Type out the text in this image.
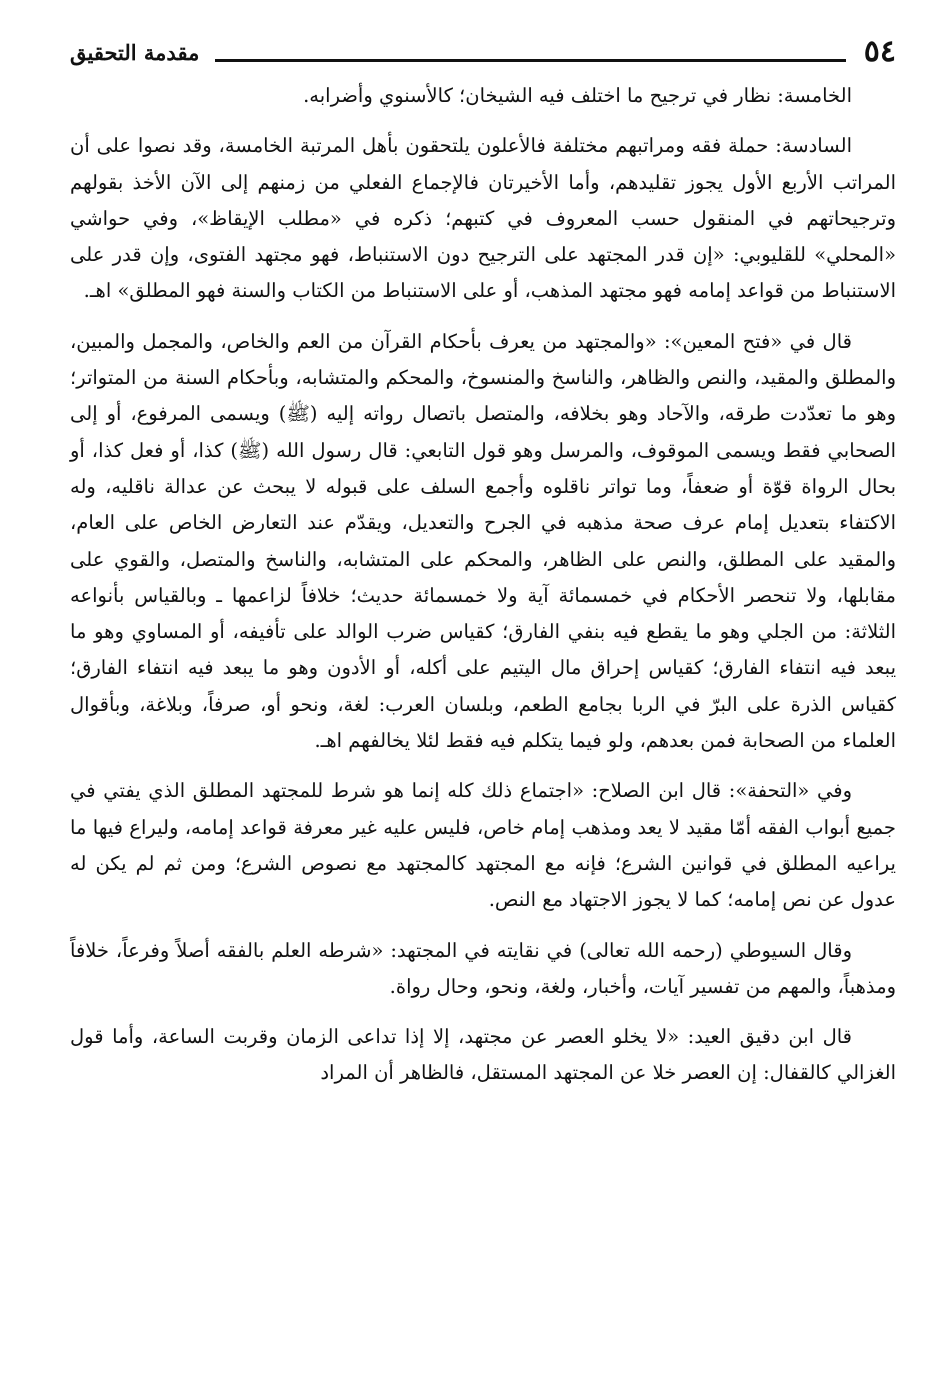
٥٤
مقدمة التحقيق

الخامسة: نظار في ترجيح ما اختلف فيه الشيخان؛ كالأسنوي وأضرابه.

السادسة: حملة فقه ومراتبهم مختلفة فالأعلون يلتحقون بأهل المرتبة الخامسة، وقد نصوا على أن المراتب الأربع الأول يجوز تقليدهم، وأما الأخيرتان فالإجماع الفعلي من زمنهم إلى الآن الأخذ بقولهم وترجيحاتهم في المنقول حسب المعروف في كتبهم؛ ذكره في «مطلب الإيقاظ»، وفي حواشي «المحلي» للقليوبي: «إن قدر المجتهد على الترجيح دون الاستنباط، فهو مجتهد الفتوى، وإن قدر على الاستنباط من قواعد إمامه فهو مجتهد المذهب، أو على الاستنباط من الكتاب والسنة فهو المطلق» اهـ.

قال في «فتح المعين»: «والمجتهد من يعرف بأحكام القرآن من العم والخاص، والمجمل والمبين، والمطلق والمقيد، والنص والظاهر، والناسخ والمنسوخ، والمحكم والمتشابه، وبأحكام السنة من المتواتر؛ وهو ما تعدّدت طرقه، والآحاد وهو بخلافه، والمتصل باتصال رواته إليه (ﷺ) ويسمى المرفوع، أو إلى الصحابي فقط ويسمى الموقوف، والمرسل وهو قول التابعي: قال رسول الله (ﷺ) كذا، أو فعل كذا، أو بحال الرواة قوّة أو ضعفاً، وما تواتر ناقلوه وأجمع السلف على قبوله لا يبحث عن عدالة ناقليه، وله الاكتفاء بتعديل إمام عرف صحة مذهبه في الجرح والتعديل، ويقدّم عند التعارض الخاص على العام، والمقيد على المطلق، والنص على الظاهر، والمحكم على المتشابه، والناسخ والمتصل، والقوي على مقابلها، ولا تنحصر الأحكام في خمسمائة آية ولا خمسمائة حديث؛ خلافاً لزاعمها ـ وبالقياس بأنواعه الثلاثة: من الجلي وهو ما يقطع فيه بنفي الفارق؛ كقياس ضرب الوالد على تأفيفه، أو المساوي وهو ما يبعد فيه انتفاء الفارق؛ كقياس إحراق مال اليتيم على أكله، أو الأدون وهو ما يبعد فيه انتفاء الفارق؛ كقياس الذرة على البرّ في الربا بجامع الطعم، وبلسان العرب: لغة، ونحو أو، صرفاً، وبلاغة، وبأقوال العلماء من الصحابة فمن بعدهم، ولو فيما يتكلم فيه فقط لئلا يخالفهم اهـ.

وفي «التحفة»: قال ابن الصلاح: «اجتماع ذلك كله إنما هو شرط للمجتهد المطلق الذي يفتي في جميع أبواب الفقه أمّا مقيد لا يعد ومذهب إمام خاص، فليس عليه غير معرفة قواعد إمامه، وليراع فيها ما يراعيه المطلق في قوانين الشرع؛ فإنه مع المجتهد كالمجتهد مع نصوص الشرع؛ ومن ثم لم يكن له عدول عن نص إمامه؛ كما لا يجوز الاجتهاد مع النص.

وقال السيوطي (رحمه الله تعالى) في نقايته في المجتهد: «شرطه العلم بالفقه أصلاً وفرعاً، خلافاً ومذهباً، والمهم من تفسير آيات، وأخبار، ولغة، ونحو، وحال رواة.

قال ابن دقيق العيد: «لا يخلو العصر عن مجتهد، إلا إذا تداعى الزمان وقربت الساعة، وأما قول الغزالي كالقفال: إن العصر خلا عن المجتهد المستقل، فالظاهر أن المراد
